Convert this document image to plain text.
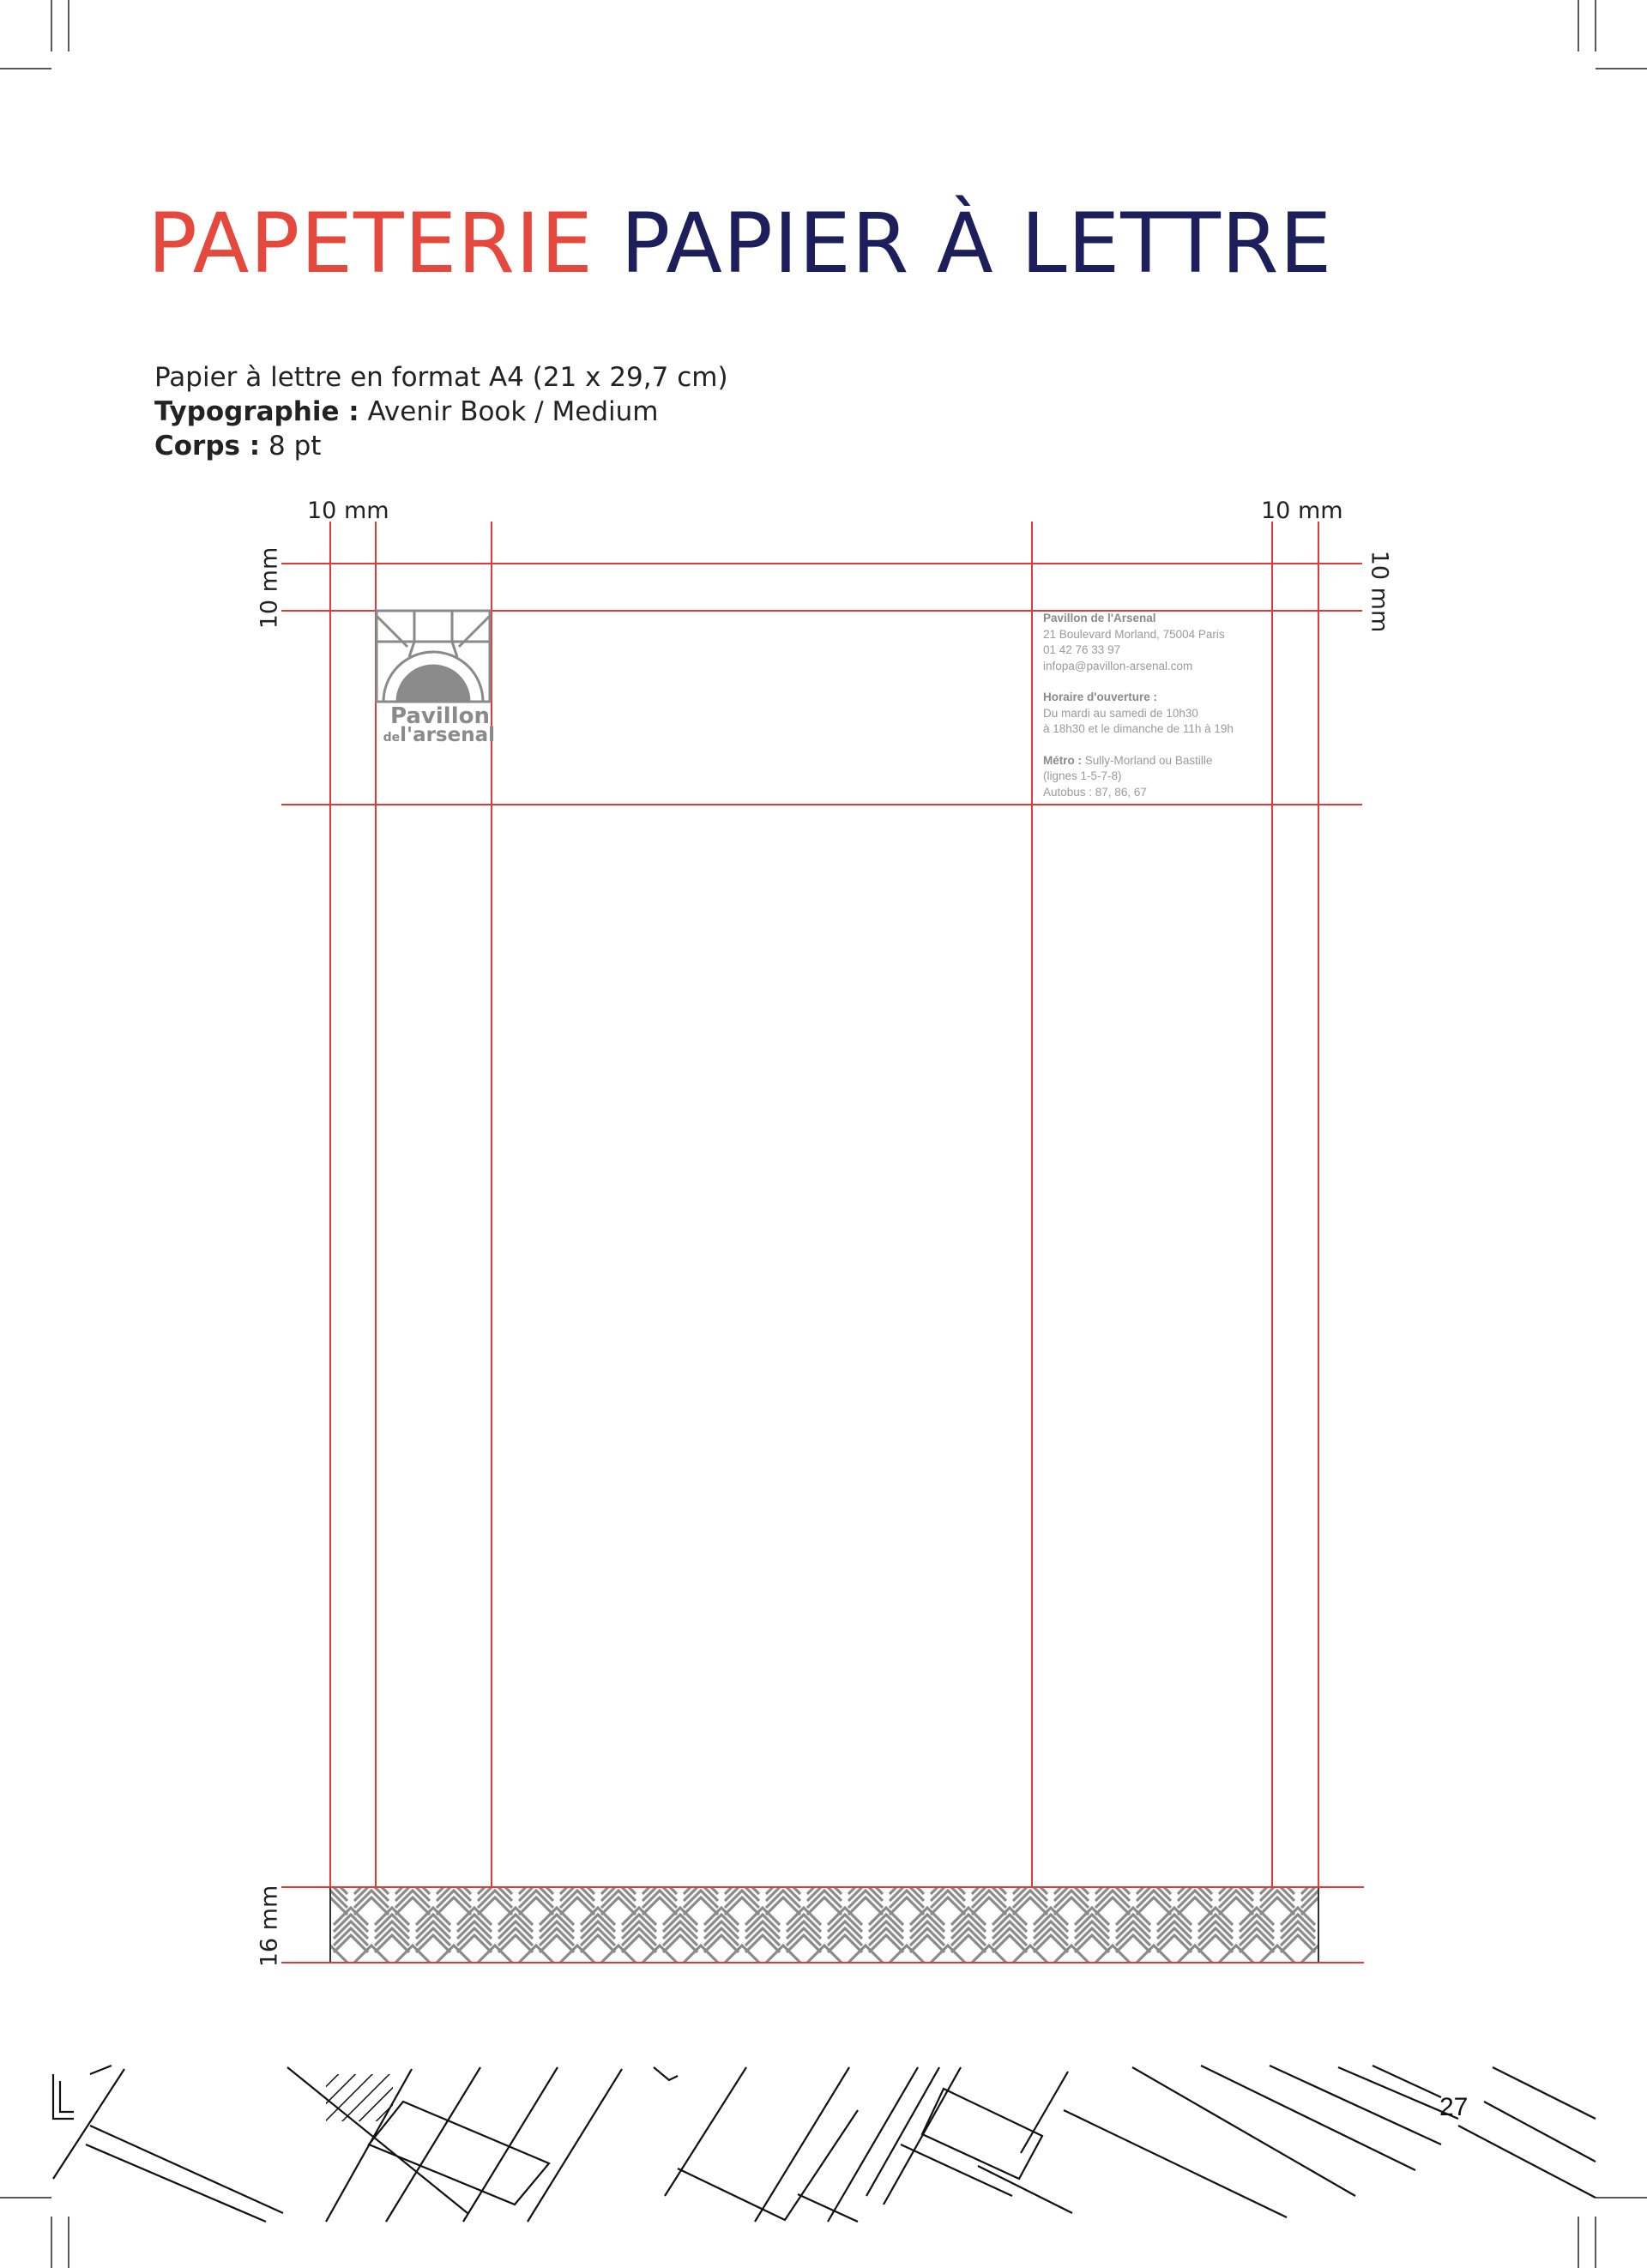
PAPETERIE PAPIER À LETTRE
Papier à lettre en format A4 (21 x 29,7 cm)
Typographie : Avenir Book / Medium
Corps : 8 pt
10 mm	10 mm
10 mm	10 mm
16 mm
Pavillon
del'arsenal
Pavillon de l'Arsenal
21 Boulevard Morland, 75004 Paris
01 42 76 33 97
infopa@pavillon-arsenal.com
Horaire d'ouverture :
Du mardi au samedi de 10h30
à 18h30 et le dimanche de 11h à 19h
Métro : Sully-Morland ou Bastille
(lignes 1-5-7-8)
Autobus : 87, 86, 67
27
